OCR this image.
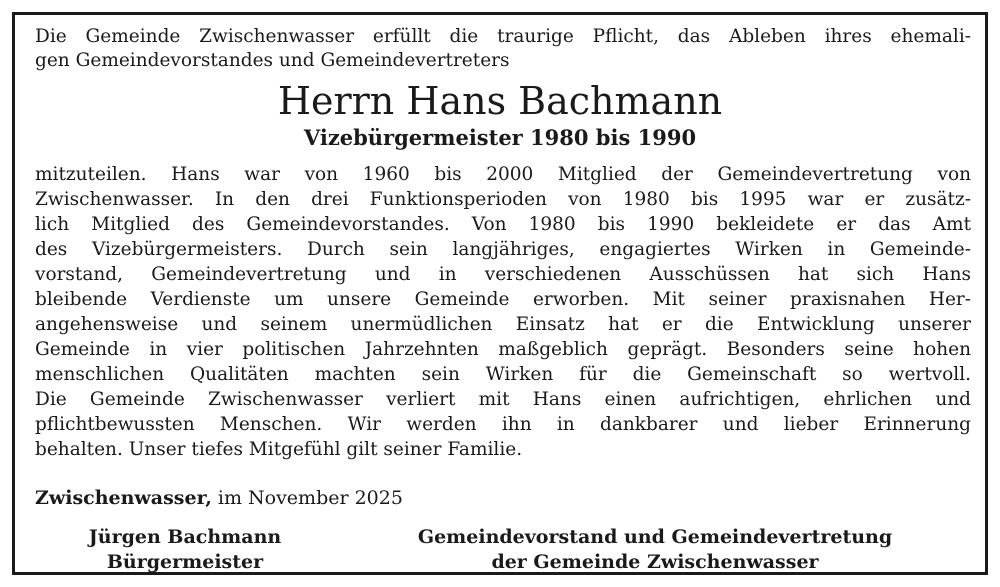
Die Gemeinde Zwischenwasser erfüllt die traurige Pflicht, das Ableben ihres ehemali-
gen Gemeindevorstandes und Gemeindevertreters
Herrn Hans Bachmann
Vizebürgermeister 1980 bis 1990
mitzuteilen. Hans war von 1960 bis 2000 Mitglied der Gemeindevertretung von
Zwischenwasser. In den drei Funktionsperioden von 1980 bis 1995 war er zusätz-
lich Mitglied des Gemeindevorstandes. Von 1980 bis 1990 bekleidete er das Amt
des Vizebürgermeisters. Durch sein langjähriges, engagiertes Wirken in Gemeinde-
vorstand, Gemeindevertretung und in verschiedenen Ausschüssen hat sich Hans
bleibende Verdienste um unsere Gemeinde erworben. Mit seiner praxisnahen Her-
angehensweise und seinem unermüdlichen Einsatz hat er die Entwicklung unserer
Gemeinde in vier politischen Jahrzehnten maßgeblich geprägt. Besonders seine hohen
menschlichen Qualitäten machten sein Wirken für die Gemeinschaft so wertvoll.
Die Gemeinde Zwischenwasser verliert mit Hans einen aufrichtigen, ehrlichen und
pflichtbewussten Menschen. Wir werden ihn in dankbarer und lieber Erinnerung
behalten. Unser tiefes Mitgefühl gilt seiner Familie.
Zwischenwasser, im November 2025
Jürgen Bachmann
Bürgermeister
Gemeindevorstand und Gemeindevertretung
der Gemeinde Zwischenwasser
